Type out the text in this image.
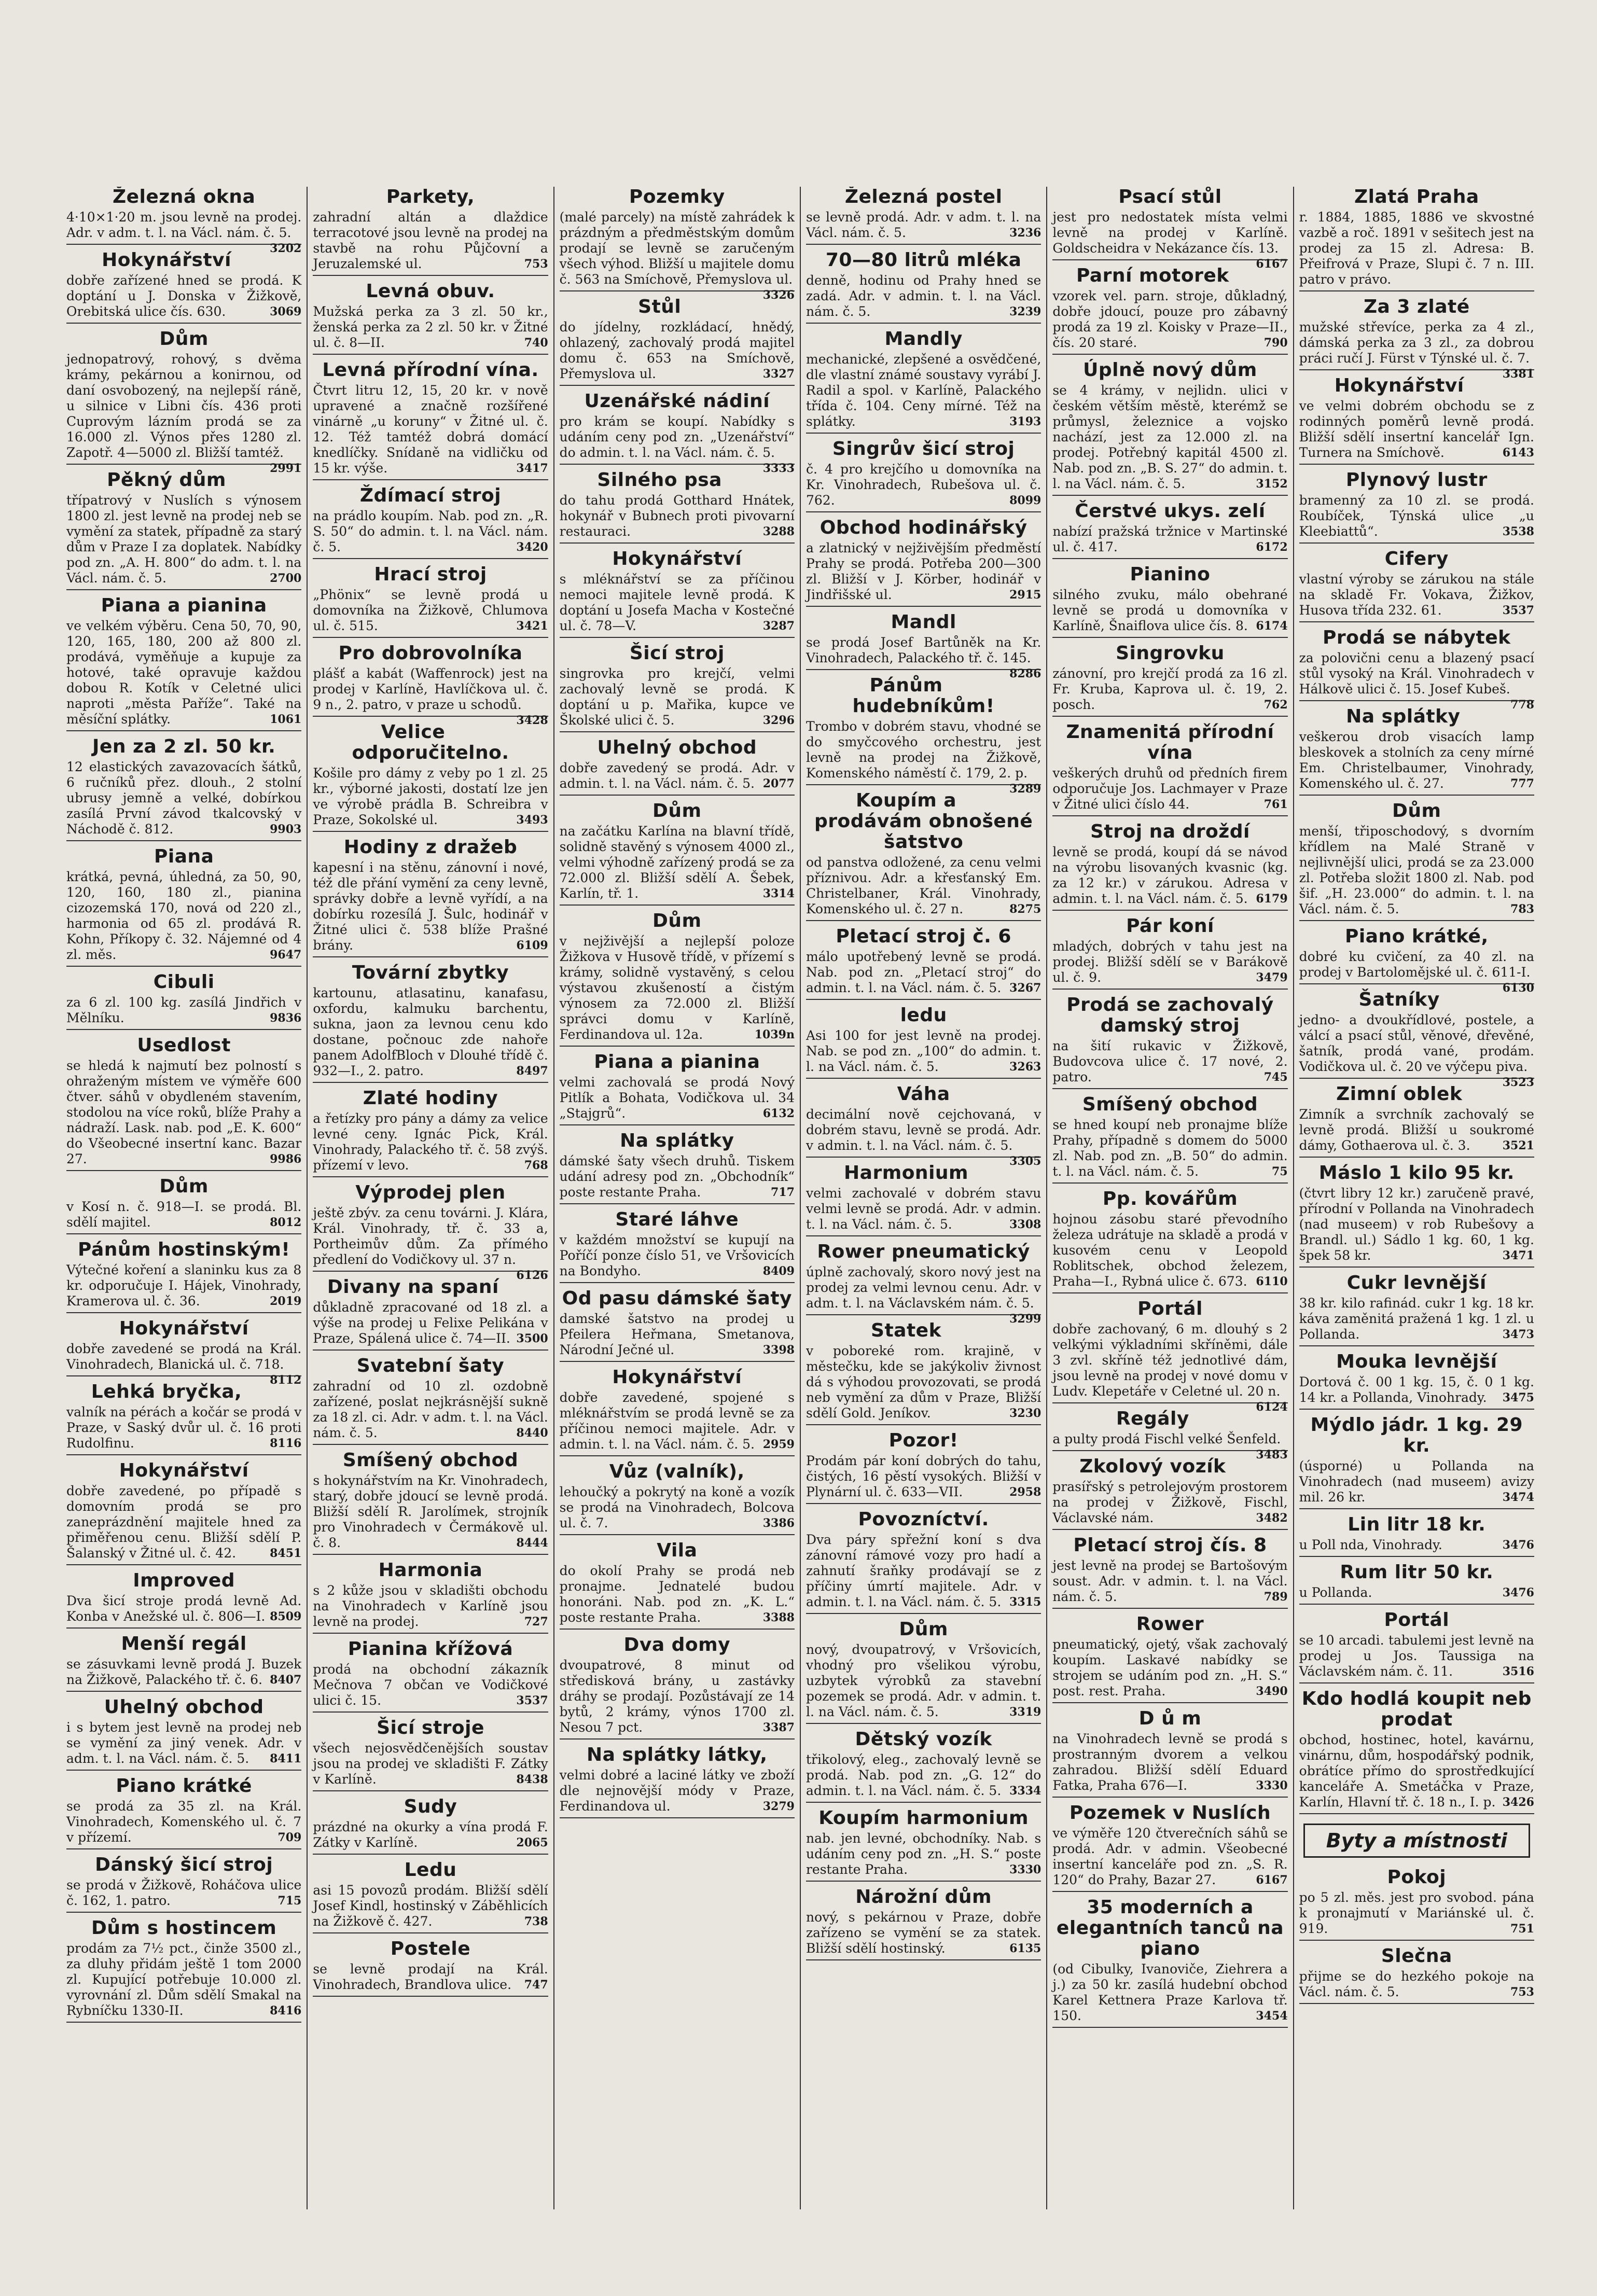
Železná okna

4·10×1·20 m. jsou levně na prodej. Adr. v adm. t. l. na Václ. nám. č. 5.
3202

Hokynářství

dobře zařízené hned se prodá. K doptání u J. Donska v Žižkově, Orebitská ulice čís. 630.	3069

Dům

jednopatrový, rohový, s dvěma krámy, pekárnou a konirnou, od daní osvobozený, na nejlepší ráně, u silnice v Libni čís. 436 proti Cuprovým lázním prodá se za 16.000 zl. Výnos přes 1280 zl. Zapotř. 4—5000 zl. Bližší tamtéž.
2991

Pěkný dům

třípatrový v Nuslích s výnosem 1800 zl. jest levně na prodej neb se vymění za statek, případně za starý dům v Praze I za doplatek. Nabídky pod zn. „A. H. 800“ do adm. t. l. na Václ. nám. č. 5.	2700

Piana a pianina

ve velkém výběru. Cena 50, 70, 90, 120, 165, 180, 200 až 800 zl. prodává, vyměňuje a kupuje za hotové, také opravuje každou dobou R. Kotík v Celetné ulici naproti „města Paříže“. Také na měsíční splátky.	1061

Jen za 2 zl. 50 kr.

12 elastických zavazovacích šátků, 6 ručníků přez. dlouh., 2 stolní ubrusy jemně a velké, dobírkou zasílá První závod tkalcovský v Náchodě č. 812.	9903

Piana

krátká, pevná, úhledná, za 50, 90, 120, 160, 180 zl., pianina cizozemská 170, nová od 220 zl., harmonia od 65 zl. prodává R. Kohn, Příkopy č. 32. Nájemné od 4 zl. měs.	9647

Cibuli

za 6 zl. 100 kg. zasílá Jindřich v Mělníku.	9836

Usedlost

se hledá k najmutí bez polností s ohraženým místem ve výměře 600 čtver. sáhů v obydleném stavením, stodolou na více roků, blíže Prahy a nádraží. Lask. nab. pod „E. K. 600“ do Všeobecné insertní kanc. Bazar 27.	9986

Dům

v Kosí n. č. 918—I. se prodá. Bl. sdělí majitel.	8012

Pánům hostinským!

Výtečné koření a slaninku kus za 8 kr. odporučuje I. Hájek, Vinohrady, Kramerova ul. č. 36.	2019

Hokynářství

dobře zavedené se prodá na Král. Vinohradech, Blanická ul. č. 718.
8112

Lehká bryčka,

valník na pérách a kočár se prodá v Praze, v Saský dvůr ul. č. 16 proti Rudolfinu.	8116

Hokynářství

dobře zavedené, po případě s domovním prodá se pro zaneprázdnění majitele hned za přiměřenou cenu. Bližší sdělí P. Šalanský v Žitné ul. č. 42.	8451

Improved

Dva šicí stroje prodá levně Ad. Konba v Anežské ul. č. 806—I. 8509

Menší regál

se zásuvkami levně prodá J. Buzek na Žižkově, Palackého tř. č. 6. 8407

Uhelný obchod

i s bytem jest levně na prodej neb se vymění za jiný venek. Adr. v adm. t. l. na Václ. nám. č. 5. 8411

Piano krátké

se prodá za 35 zl. na Král. Vinohradech, Komenského ul. č. 7 v přízemí.	709

Dánský šicí stroj

se prodá v Žižkově, Roháčova ulice č. 162, 1. patro.	715

Dům s hostincem

prodám za 7½ pct., činže 3500 zl., za dluhy přidám ještě 1 tom 2000 zl. Kupující potřebuje 10.000 zl. vyrovnání zl. Dům sdělí Smakal na Rybníčku 1330-II.	8416

Parkety,

zahradní altán a dlaždice terracotové jsou levně na prodej na stavbě na rohu Půjčovní a Jeruzalemské ul.	753

Levná obuv.

Mužská perka za 3 zl. 50 kr., ženská perka za 2 zl. 50 kr. v Žitné ul. č. 8—II.	740

Levná přírodní vína.

Čtvrt litru 12, 15, 20 kr. v nově upravené a značně rozšířené vinárně „u koruny“ v Žitné ul. č. 12. Též tamtéž dobrá domácí knedlíčky. Snídaně na vidličku od 15 kr. výše.	3417

Ždímací stroj

na prádlo koupím. Nab. pod zn. „R. S. 50“ do admin. t. l. na Václ. nám. č. 5.	3420

Hrací stroj

„Phönix“ se levně prodá u domovníka na Žižkově, Chlumova ul. č. 515.	3421

Pro dobrovolníka

plášť a kabát (Waffenrock) jest na prodej v Karlíně, Havlíčkova ul. č. 9 n., 2. patro, v praze u schodů.
3428

Velice odporučitelno.

Košile pro dámy z veby po 1 zl. 25 kr., výborné jakosti, dostatí lze jen ve výrobě prádla B. Schreibra v Praze, Sokolské ul.	3493

Hodiny z dražeb

kapesní i na stěnu, zánovní i nové, též dle přání vymění za ceny levně, správky dobře a levně vyřídí, a na dobírku rozesílá J. Šulc, hodinář v Žitné ulici č. 538 blíže Prašné brány.	6109

Tovární zbytky

kartounu, atlasatinu, kanafasu, oxfordu, kalmuku barchentu, sukna, jaon za levnou cenu kdo dostane, počnouc zde nahoře panem AdolfBloch v Dlouhé třídě č. 932—I., 2. patro.	8497

Zlaté hodiny

a řetízky pro pány a dámy za velice levné ceny. Ignác Pick, Král. Vinohrady, Palackého tř. č. 58 zvýš. přízemí v levo.	768

Výprodej plen

ještě zbýv. za cenu továrni. J. Klára, Král. Vinohrady, tř. č. 33 a, Portheimův dům. Za přímého předlení do Vodičkovy ul. 37 n.
6126

Divany na spaní

důkladně zpracované od 18 zl. a výše na prodej u Felixe Pelikána v Praze, Spálená ulice č. 74—II. 3500

Svatební šaty

zahradní od 10 zl. ozdobně zařízené, poslat nejkrásnější sukně za 18 zl. ci. Adr. v adm. t. l. na Václ. nám. č. 5.	8440

Smíšený obchod

s hokynářstvím na Kr. Vinohradech, starý, dobře jdoucí se levně prodá. Bližší sdělí R. Jarolímek, strojník pro Vinohradech v Čermákově ul. č. 8.	8444

Harmonia

s 2 kůže jsou v skladišti obchodu na Vinohradech v Karlíně jsou levně na prodej.	727

Pianina křížová

prodá na obchodní zákazník Mečnova 7 občan ve Vodičkové ulici č. 15.	3537

Šicí stroje

všech nejosvědčenějších soustav jsou na prodej ve skladišti F. Zátky v Karlíně.	8438

Sudy

prázdné na okurky a vína prodá F. Zátky v Karlíně.	2065

Ledu

asi 15 povozů prodám. Bližší sdělí Josef Kindl, hostinský v Záběhlicích na Žižkově č. 427.	738

Postele

se levně prodají na Král. Vinohradech, Brandlova ulice. 747

Pozemky

(malé parcely) na místě zahrádek k prázdným a předměstským domům prodají se levně se zaručeným všech výhod. Bližší u majitele domu č. 563 na Smíchově, Přemyslova ul.
3326

Stůl

do jídelny, rozkládací, hnědý, ohlazený, zachovalý prodá majitel domu č. 653 na Smíchově, Přemyslova ul.	3327

Uzenářské nádiní

pro krám se koupí. Nabídky s udáním ceny pod zn. „Uzenářství“ do admin. t. l. na Václ. nám. č. 5.
3333

Silného psa

do tahu prodá Gotthard Hnátek, hokynář v Bubnech proti pivovarní restauraci.	3288

Hokynářství

s mléknářství se za příčinou nemoci majitele levně prodá. K doptání u Josefa Macha v Kostečné ul. č. 78—V.	3287

Šicí stroj

singrovka pro krejčí, velmi zachovalý levně se prodá. K doptání u p. Mařika, kupce ve Školské ulici č. 5.	3296

Uhelný obchod

dobře zavedený se prodá. Adr. v admin. t. l. na Václ. nám. č. 5. 2077

Dům

na začátku Karlína na blavní třídě, solidně stavěný s výnosem 4000 zl., velmi výhodně zařízený prodá se za 72.000 zl. Bližší sdělí A. Šebek, Karlín, tř. 1.	3314

Dům

v nejživější a nejlepší poloze Žižkova v Husově třídě, v přízemí s krámy, solidně vystavěný, s celou výstavou zkušeností a čistým výnosem za 72.000 zl. Bližší správci domu v Karlíně, Ferdinandova ul. 12a.	1039n

Piana a pianina

velmi zachovalá se prodá Nový Pitlík a Bohata, Vodičkova ul. 34 „Stajgrů“.	6132

Na splátky

dámské šaty všech druhů. Tiskem udání adresy pod zn. „Obchodník“ poste restante Praha.	717

Staré láhve

v každém množství se kupují na Poříčí ponze číslo 51, ve Vršovicích na Bondyho.	8409

Od pasu dámské šaty

damské šatstvo na prodej u Pfeilera Heřmana, Smetanova, Národní Ječné ul.	3398

Hokynářství

dobře zavedené, spojené s mléknářstvím se prodá levně se za příčinou nemoci majitele. Adr. v admin. t. l. na Václ. nám. č. 5. 2959

Vůz (valník),

lehoučký a pokrytý na koně a vozík se prodá na Vinohradech, Bolcova ul. č. 7.	3386

Vila

do okolí Prahy se prodá neb pronajme. Jednatelé budou honoráni. Nab. pod zn. „K. L.“ poste restante Praha.	3388

Dva domy

dvoupatrové, 8 minut od středisková brány, u zastávky dráhy se prodají. Pozůstávají ze 14 bytů, 2 krámy, výnos 1700 zl. Nesou 7 pct.	3387

Na splátky látky,

velmi dobré a laciné látky ve zboží dle nejnovější módy v Praze, Ferdinandova ul.	3279

Železná postel

se levně prodá. Adr. v adm. t. l. na Václ. nám. č. 5.	3236

70—80 litrů mléka

denně, hodinu od Prahy hned se zadá. Adr. v admin. t. l. na Václ. nám. č. 5.	3239

Mandly

mechanické, zlepšené a osvědčené, dle vlastní známé soustavy vyrábí J. Radil a spol. v Karlíně, Palackého třída č. 104. Ceny mírné. Též na splátky.	3193

Singrův šicí stroj

č. 4 pro krejčího u domovníka na Kr. Vinohradech, Rubešova ul. č. 762.	8099

Obchod hodinářský

a zlatnický v nejživějším předměstí Prahy se prodá. Potřeba 200—300 zl. Bližší v J. Körber, hodinář v Jindřišské ul.	2915

Mandl

se prodá Josef Bartůněk na Kr. Vinohradech, Palackého tř. č. 145.
8286

Pánům hudebníkům!

Trombo v dobrém stavu, vhodné se do smyčcového orchestru, jest levně na prodej na Žižkově, Komenského náměstí č. 179, 2. p.
3289

Koupím a prodávám obnošené šatstvo

od panstva odložené, za cenu velmi příznivou. Adr. a křesťanský Em. Christelbaner, Král. Vinohrady, Komenského ul. č. 27 n.	8275

Pletací stroj č. 6

málo upotřebený levně se prodá. Nab. pod zn. „Pletací stroj“ do admin. t. l. na Václ. nám. č. 5. 3267

ledu

Asi 100 for jest levně na prodej. Nab. se pod zn. „100“ do admin. t. l. na Václ. nám. č. 5.	3263

Váha

decimální nově cejchovaná, v dobrém stavu, levně se prodá. Adr. v admin. t. l. na Václ. nám. č. 5.
3305

Harmonium

velmi zachovalé v dobrém stavu velmi levně se prodá. Adr. v admin. t. l. na Václ. nám. č. 5.	3308

Rower pneumatický

úplně zachovalý, skoro nový jest na prodej za velmi levnou cenu. Adr. v adm. t. l. na Václavském nám. č. 5.
3299

Statek

v poboreké rom. krajině, v městečku, kde se jakýkoliv živnost dá s výhodou provozovati, se prodá neb vymění za dům v Praze, Bližší sdělí Gold. Jeníkov.	3230

Pozor!

Prodám pár koní dobrých do tahu, čistých, 16 pěstí vysokých. Bližší v Plynární ul. č. 633—VII.	2958

Povozníctví.

Dva páry spřežní koní s dva zánovní rámové vozy pro hadí a zahnutí šraňky prodávají se z příčiny úmrtí majitele. Adr. v admin. t. l. na Václ. nám. č. 5. 3315

Dům

nový, dvoupatrový, v Vršovicích, vhodný pro všelikou výrobu, uzbytek výrobků za stavební pozemek se prodá. Adr. v admin. t. l. na Václ. nám. č. 5.	3319

Dětský vozík

třikolový, eleg., zachovalý levně se prodá. Nab. pod zn. „G. 12“ do admin. t. l. na Václ. nám. č. 5. 3334

Koupím harmonium

nab. jen levné, obchodníky. Nab. s udáním ceny pod zn. „H. S.“ poste restante Praha.	3330

Nárožní dům

nový, s pekárnou v Praze, dobře zařízeno se vymění se za statek. Bližší sdělí hostinský.	6135

Psací stůl

jest pro nedostatek místa velmi levně na prodej v Karlíně. Goldscheidra v Nekázance čís. 13.
6167

Parní motorek

vzorek vel. parn. stroje, důkladný, dobře jdoucí, pouze pro zábavný prodá za 19 zl. Koisky v Praze—II., čís. 20 staré.	790

Úplně nový dům

se 4 krámy, v nejlidn. ulici v českém větším městě, kterémž se průmysl, železnice a vojsko nachází, jest za 12.000 zl. na prodej. Potřebný kapitál 4500 zl. Nab. pod zn. „B. S. 27“ do admin. t. l. na Václ. nám. č. 5.	3152

Čerstvé ukys. zelí

nabízí pražská tržnice v Martinské ul. č. 417.	6172

Pianino

silného zvuku, málo obehrané levně se prodá u domovníka v Karlíně, Šnaiflova ulice čís. 8. 6174

Singrovku

zánovní, pro krejčí prodá za 16 zl. Fr. Kruba, Kaprova ul. č. 19, 2. posch.	762

Znamenitá přírodní vína

veškerých druhů od předních firem odporučuje Jos. Lachmayer v Praze v Žitné ulici číslo 44.	761

Stroj na droždí

levně se prodá, koupí dá se návod na výrobu lisovaných kvasnic (kg. za 12 kr.) v zárukou. Adresa v admin. t. l. na Václ. nám. č. 5. 6179

Pár koní

mladých, dobrých v tahu jest na prodej. Bližší sdělí se v Barákově ul. č. 9.	3479

Prodá se zachovalý damský stroj

na šití rukavic v Žižkově, Budovcova ulice č. 17 nové, 2. patro.	745

Smíšený obchod

se hned koupí neb pronajme blíže Prahy, případně s domem do 5000 zl. Nab. pod zn. „B. 50“ do admin. t. l. na Václ. nám. č. 5.	75

Pp. kovářům

hojnou zásobu staré převodního železa udrátuje na skladě a prodá v kusovém cenu v Leopold Roblitschek, obchod železem, Praha—I., Rybná ulice č. 673. 6110

Portál

dobře zachovaný, 6 m. dlouhý s 2 velkými výkladními skříněmi, dále 3 zvl. skříně též jednotlivé dám, jsou levně na prodej v nové domu v Ludv. Klepetáře v Celetné ul. 20 n.
6124

Regály

a pulty prodá Fischl velké Šenfeld.
3483

Zkolový vozík

prasířský s petrolejovým prostorem na prodej v Žižkově, Fischl, Václavské nám.	3482

Pletací stroj čís. 8

jest levně na prodej se Bartošovým soust. Adr. v admin. t. l. na Václ. nám. č. 5.	789

Rower

pneumatický, ojetý, však zachovalý koupím. Laskavé nabídky se strojem se udáním pod zn. „H. S.“ post. rest. Praha.	3490

D ů m

na Vinohradech levně se prodá s prostranným dvorem a velkou zahradou. Bližší sdělí Eduard Fatka, Praha 676—I.	3330

Pozemek v Nuslích

ve výměře 120 čtverečních sáhů se prodá. Adr. v admin. Všeobecné insertní kanceláře pod zn. „S. R. 120“ do Prahy, Bazar 27.	6167

35 moderních a elegantních tanců na piano

(od Cibulky, Ivanoviče, Ziehrera a j.) za 50 kr. zasílá hudební obchod Karel Kettnera Praze Karlova tř. 150.	3454

Zlatá Praha

r. 1884, 1885, 1886 ve skvostné vazbě a roč. 1891 v sešitech jest na prodej za 15 zl. Adresa: B. Přeifrová v Praze, Slupi č. 7 n. III. patro v právo.

Za 3 zlaté

mužské střevíce, perka za 4 zl., dámská perka za 3 zl., za dobrou práci ručí J. Fürst v Týnské ul. č. 7.
3381

Hokynářství

ve velmi dobrém obchodu se z rodinných poměrů levně prodá. Bližší sdělí insertní kancelář Ign. Turnera na Smíchově.	6143

Plynový lustr

bramenný za 10 zl. se prodá. Roubíček, Týnská ulice „u Kleebiattů“.	3538

Cifery

vlastní výroby se zárukou na stále na skladě Fr. Vokava, Žižkov, Husova třída 232. 61.	3537

Prodá se nábytek

za polovični cenu a blazený psací stůl vysoký na Král. Vinohradech v Hálkově ulici č. 15. Josef Kubeš.
778

Na splátky

veškerou drob visacích lamp bleskovek a stolních za ceny mírné Em. Christelbaumer, Vinohrady, Komenského ul. č. 27.	777

Dům

menší, třiposchodový, s dvorním křídlem na Malé Straně v nejlivnější ulici, prodá se za 23.000 zl. Potřeba složit 1800 zl. Nab. pod šif. „H. 23.000“ do admin. t. l. na Václ. nám. č. 5.	783

Piano krátké,

dobré ku cvičení, za 40 zl. na prodej v Bartolomějské ul. č. 611-I.
6130

Šatníky

jedno- a dvoukřídlové, postele, a válcí a psací stůl, věnové, dřevěné, šatník, prodá vané, prodám. Vodičkova ul. č. 20 ve výčepu piva.
3523

Zimní oblek

Zimník a svrchník zachovalý se levně prodá. Bližší u soukromé dámy, Gothaerova ul. č. 3.	3521

Máslo 1 kilo 95 kr.

(čtvrt libry 12 kr.) zaručeně pravé, přírodní v Pollanda na Vinohradech (nad museem) v rob Rubešovy a Brandl. ul.) Sádlo 1 kg. 60, 1 kg. špek 58 kr.	3471

Cukr levnější

38 kr. kilo rafinád. cukr 1 kg. 18 kr. káva zaměnitá pražená 1 kg. 1 zl. u Pollanda.	3473

Mouka levnější

Dortová č. 00 1 kg. 15, č. 0 1 kg. 14 kr. a Pollanda, Vinohrady. 3475

Mýdlo jádr. 1 kg. 29 kr.

(úsporné) u Pollanda na Vinohradech (nad museem) avizy mil. 26 kr.	3474

Lin litr 18 kr.

u Poll nda, Vinohrady.	3476

Rum litr 50 kr.

u Pollanda.	3476

Portál

se 10 arcadi. tabulemi jest levně na prodej u Jos. Taussiga na Václavském nám. č. 11.	3516

Kdo hodlá koupit neb prodat

obchod, hostinec, hotel, kavárnu, vinárnu, dům, hospodářský podnik, obrátíce přímo do sprostředkující kanceláře A. Smetáčka v Praze, Karlín, Hlavní tř. č. 18 n., I. p. 3426

Byty a místnosti
Pokoj

po 5 zl. měs. jest pro svobod. pána k pronajmutí v Mariánské ul. č. 919.	751

Slečna

přijme se do hezkého pokoje na Václ. nám. č. 5.	753
